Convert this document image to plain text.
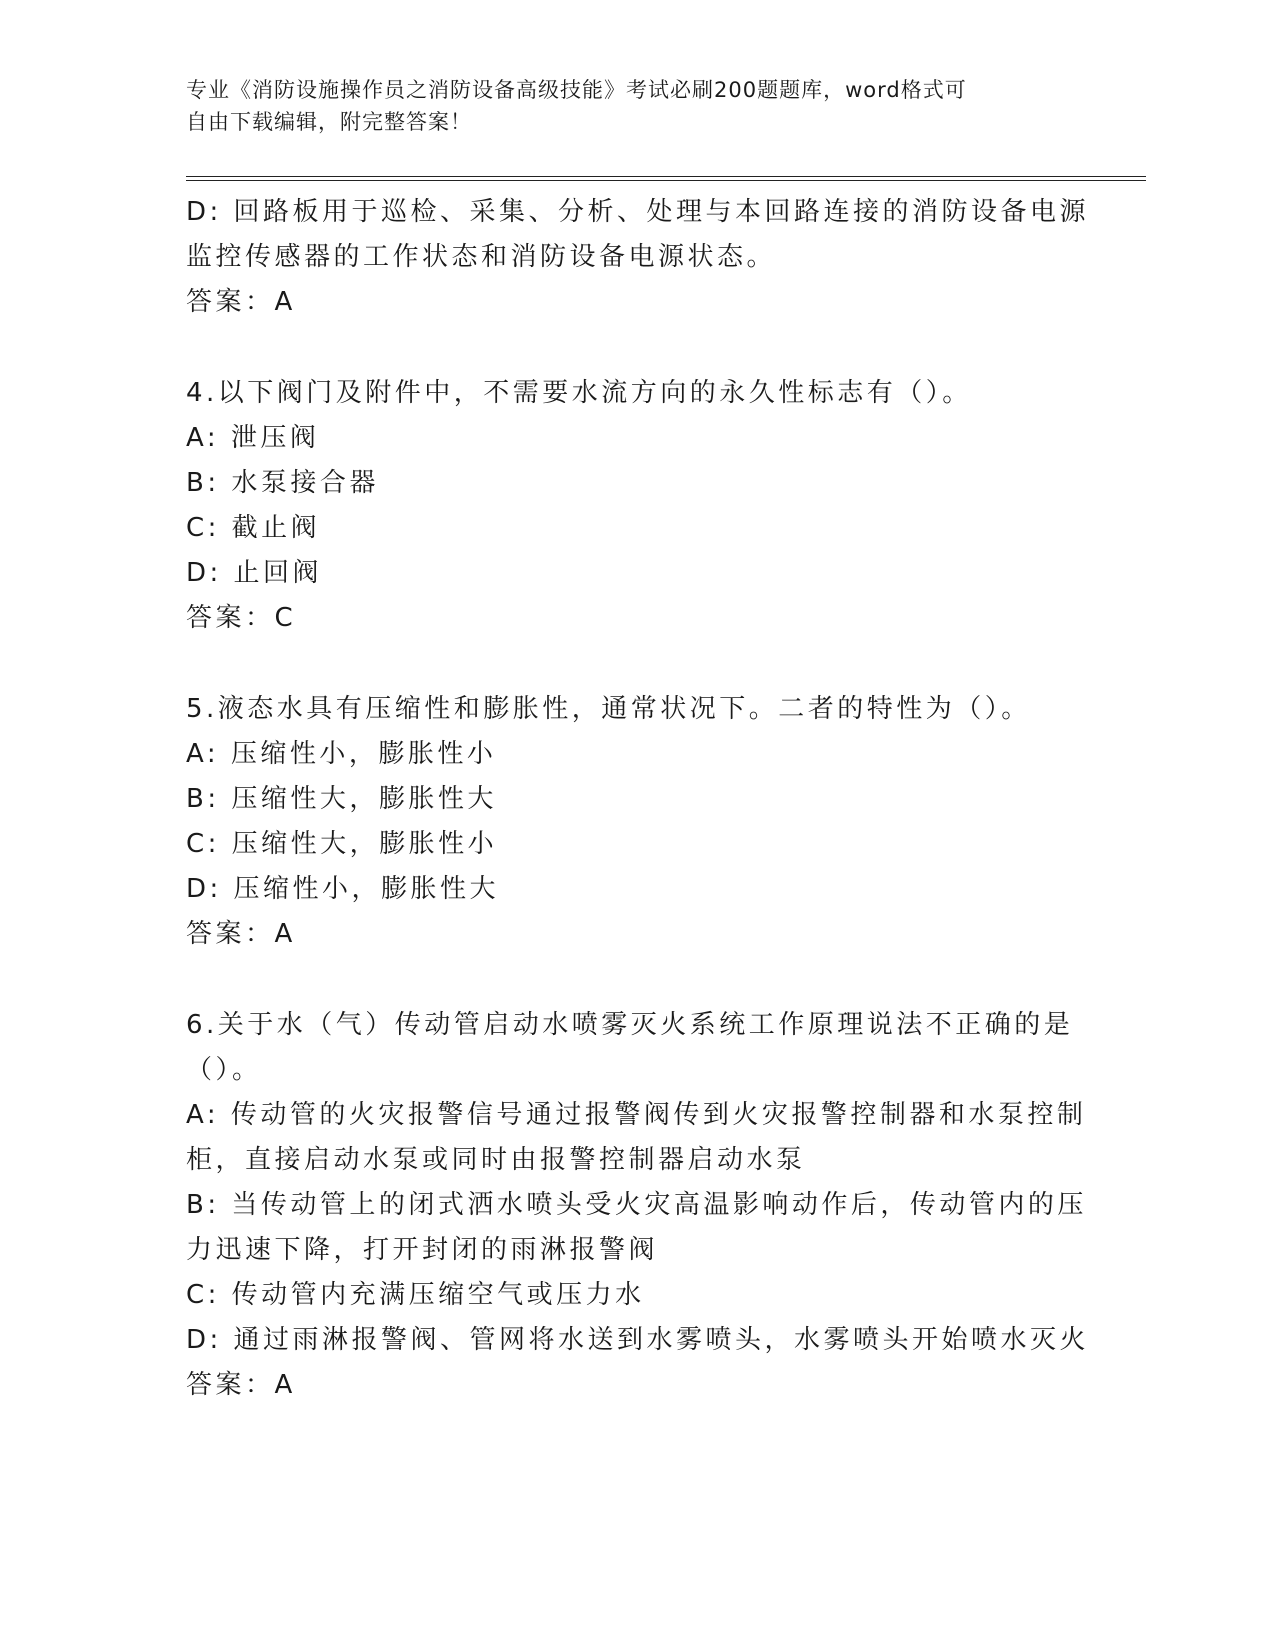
专业《消防设施操作员之消防设备高级技能》考试必刷200题题库，word格式可
自由下载编辑，附完整答案！
D: 回路板用于巡检、采集、分析、处理与本回路连接的消防设备电源
监控传感器的工作状态和消防设备电源状态。
答案：A
4.以下阀门及附件中，不需要水流方向的永久性标志有（）。
A: 泄压阀
B: 水泵接合器
C: 截止阀
D: 止回阀
答案：C
5.液态水具有压缩性和膨胀性，通常状况下。二者的特性为（）。
A: 压缩性小，膨胀性小
B: 压缩性大，膨胀性大
C: 压缩性大，膨胀性小
D: 压缩性小，膨胀性大
答案：A
6.关于水（气）传动管启动水喷雾灭火系统工作原理说法不正确的是
（）。
A: 传动管的火灾报警信号通过报警阀传到火灾报警控制器和水泵控制
柜，直接启动水泵或同时由报警控制器启动水泵
B: 当传动管上的闭式洒水喷头受火灾高温影响动作后，传动管内的压
力迅速下降，打开封闭的雨淋报警阀
C: 传动管内充满压缩空气或压力水
D: 通过雨淋报警阀、管网将水送到水雾喷头，水雾喷头开始喷水灭火
答案：A
